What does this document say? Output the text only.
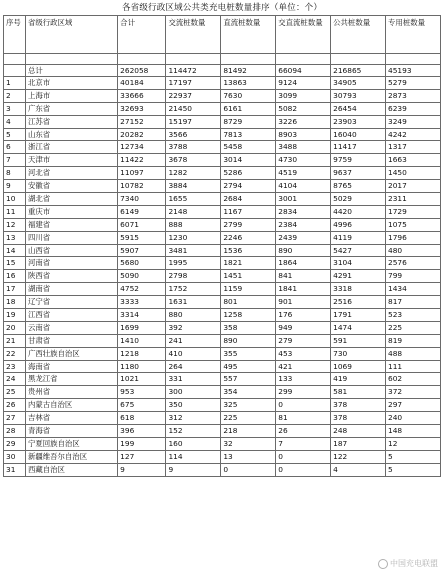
各省级行政区域公共类充电桩数量排序（单位：个）
序号	省级行政区域	合计	交流桩数量	直流桩数量	交直流桩数量	公共桩数量	专用桩数量

	总计	262058	114472	81492	66094	216865	45193
1	北京市	40184	17197	13863	9124	34905	5279
2	上海市	33666	22937	7630	3099	30793	2873
3	广东省	32693	21450	6161	5082	26454	6239
4	江苏省	27152	15197	8729	3226	23903	3249
5	山东省	20282	3566	7813	8903	16040	4242
6	浙江省	12734	3788	5458	3488	11417	1317
7	天津市	11422	3678	3014	4730	9759	1663
8	河北省	11097	1282	5286	4519	9637	1450
9	安徽省	10782	3884	2794	4104	8765	2017
10	湖北省	7340	1655	2684	3001	5029	2311
11	重庆市	6149	2148	1167	2834	4420	1729
12	福建省	6071	888	2799	2384	4996	1075
13	四川省	5915	1230	2246	2439	4119	1796
14	山西省	5907	3481	1536	890	5427	480
15	河南省	5680	1995	1821	1864	3104	2576
16	陕西省	5090	2798	1451	841	4291	799
17	湖南省	4752	1752	1159	1841	3318	1434
18	辽宁省	3333	1631	801	901	2516	817
19	江西省	3314	880	1258	176	1791	523
20	云南省	1699	392	358	949	1474	225
21	甘肃省	1410	241	890	279	591	819
22	广西壮族自治区	1218	410	355	453	730	488
23	海南省	1180	264	495	421	1069	111
24	黑龙江省	1021	331	557	133	419	602
25	贵州省	953	300	354	299	581	372
26	内蒙古自治区	675	350	325	0	378	297
27	吉林省	618	312	225	81	378	240
28	青海省	396	152	218	26	248	148
29	宁夏回族自治区	199	160	32	7	187	12
30	新疆维吾尔自治区	127	114	13	0	122	5
31	西藏自治区	9	9	0	0	4	5
中国充电联盟
